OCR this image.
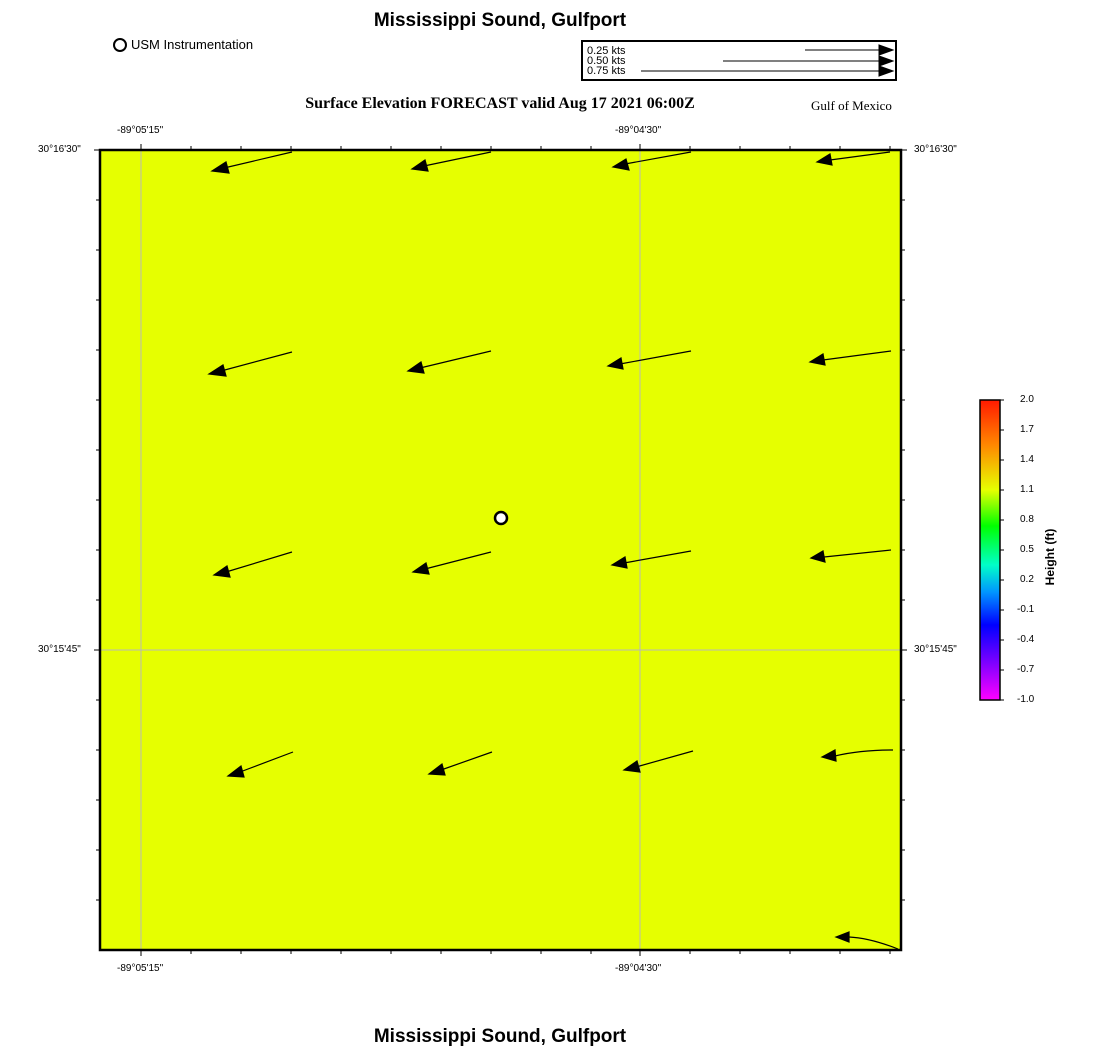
Mississippi Sound, Gulfport
USM Instrumentation	0.25 kts
0.50 kts
0.75 kts
Surface Elevation FORECAST valid Aug 17 2021 06:00Z	Gulf of Mexico
-89°05'15"	-89°04'30"
-89°05'15"	-89°04'30"
30°16'30"
30°15'45"
30°16'30"
30°15'45"
2.0
1.7
1.4
1.1
0.8
0.5
0.2
-0.1
-0.4
-0.7
-1.0
Height (ft)
Mississippi Sound, Gulfport
